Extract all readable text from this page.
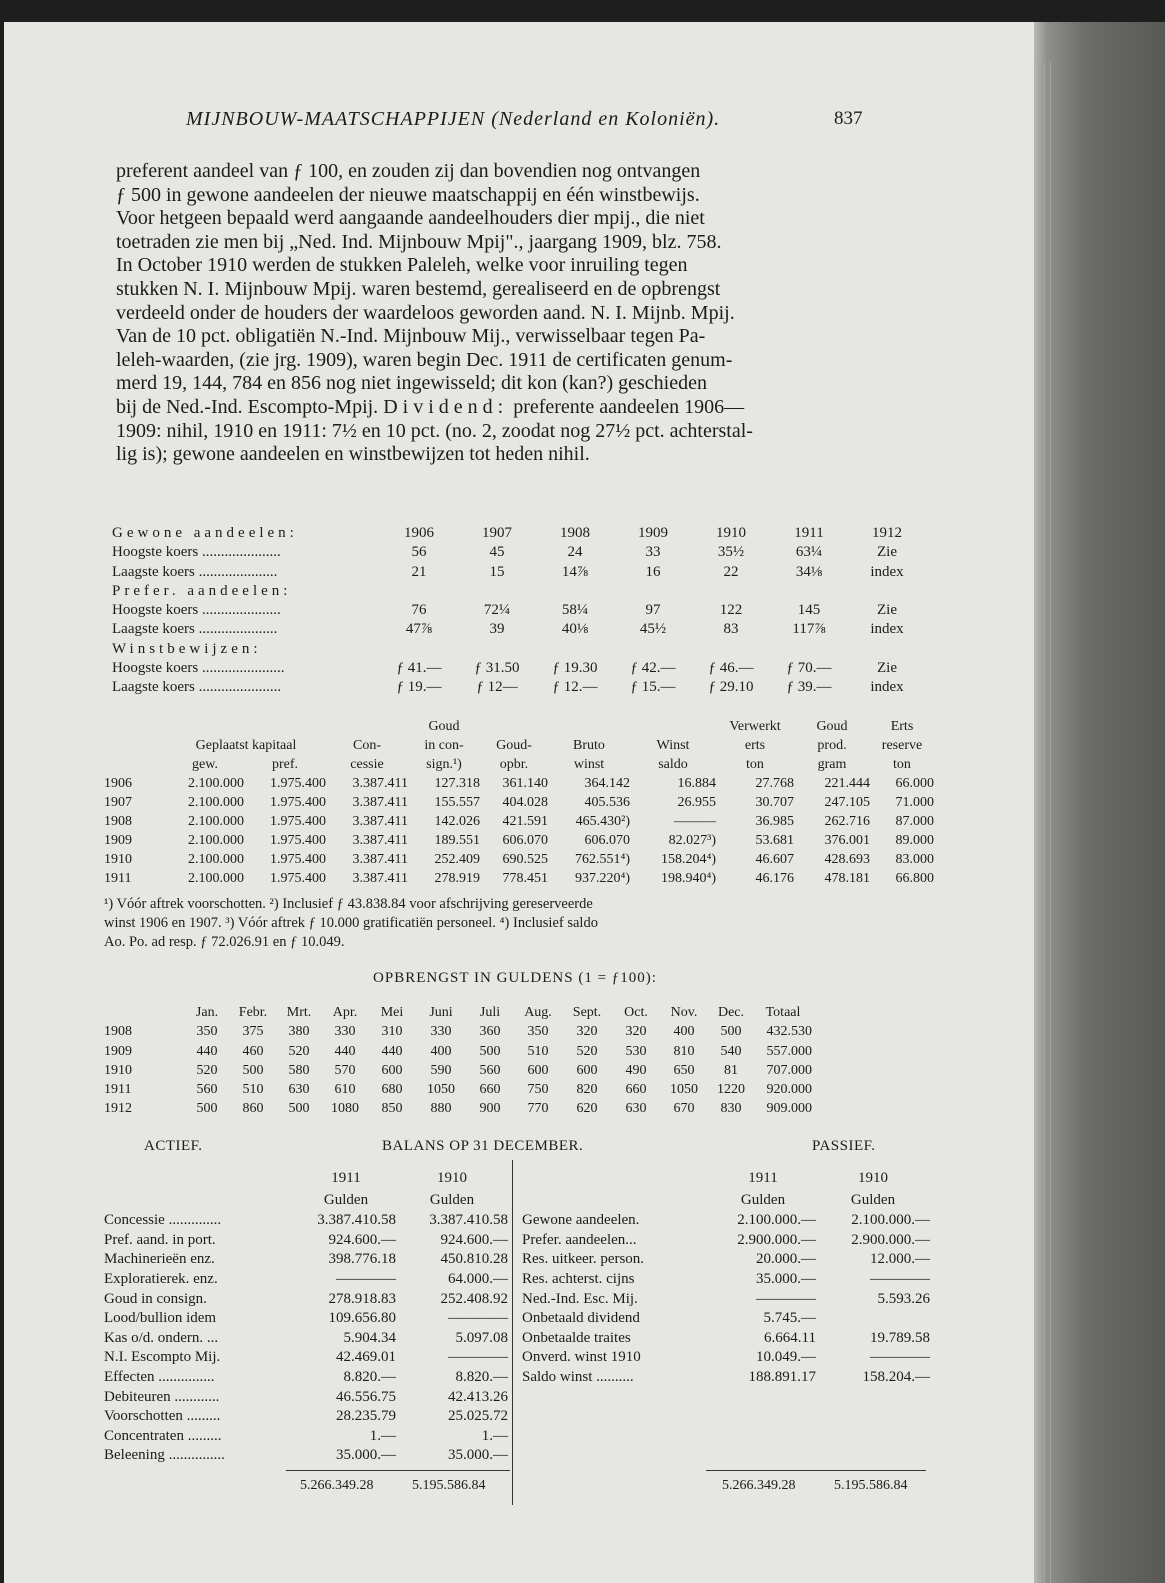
MIJNBOUW-MAATSCHAPPIJEN (Nederland en Koloniën).	837
preferent aandeel van ƒ 100, en zouden zij dan bovendien nog ontvangen
ƒ 500 in gewone aandeelen der nieuwe maatschappij en één winstbewijs.
Voor hetgeen bepaald werd aangaande aandeelhouders dier mpij., die niet
toetraden zie men bij „Ned. Ind. Mijnbouw Mpij"., jaargang 1909, blz. 758.
In October 1910 werden de stukken Paleleh, welke voor inruiling tegen
stukken N. I. Mijnbouw Mpij. waren bestemd, gerealiseerd en de opbrengst
verdeeld onder de houders der waardeloos geworden aand. N. I. Mijnb. Mpij.
Van de 10 pct. obligatiën N.-Ind. Mijnbouw Mij., verwisselbaar tegen Pa-
leleh-waarden, (zie jrg. 1909), waren begin Dec. 1911 de certificaten genum-
merd 19, 144, 784 en 856 nog niet ingewisseld; dit kon (kan?) geschieden
bij de Ned.-Ind. Escompto-Mpij. Dividend: preferente aandeelen 1906—
1909: nihil, 1910 en 1911: 7½ en 10 pct. (no. 2, zoodat nog 27½ pct. achterstal-
lig is); gewone aandeelen en winstbewijzen tot heden nihil.
Gewone aandeelen:	1906	1907	1908	1909	1910	1911	1912
Hoogste koers .....................	56	45	24	33	35½	63¼	Zie
Laagste koers .....................	21	15	14⅞	16	22	34⅛	index
Prefer. aandeelen:							
Hoogste koers .....................	76	72¼	58¼	97	122	145	Zie
Laagste koers .....................	47⅞	39	40⅛	45½	83	117⅞	index
Winstbewijzen:							
Hoogste koers ......................	ƒ 41.—	ƒ 31.50	ƒ 19.30	ƒ 42.—	ƒ 46.—	ƒ 70.—	Zie
Laagste koers ......................	ƒ 19.—	ƒ 12—	ƒ 12.—	ƒ 15.—	ƒ 29.10	ƒ 39.—	index
				Goud				Verwerkt	Goud	Erts
	Geplaatst kapitaal		Con-	in con-	Goud-	Bruto	Winst	erts	prod.	reserve
	gew.	pref.	cessie	sign.¹)	opbr.	winst	saldo	ton	gram	ton
1906	2.100.000	1.975.400	3.387.411	127.318	361.140	364.142	16.884	27.768	221.444	66.000
1907	2.100.000	1.975.400	3.387.411	155.557	404.028	405.536	26.955	30.707	247.105	71.000
1908	2.100.000	1.975.400	3.387.411	142.026	421.591	465.430²)	———	36.985	262.716	87.000
1909	2.100.000	1.975.400	3.387.411	189.551	606.070	606.070	82.027³)	53.681	376.001	89.000
1910	2.100.000	1.975.400	3.387.411	252.409	690.525	762.551⁴)	158.204⁴)	46.607	428.693	83.000
1911	2.100.000	1.975.400	3.387.411	278.919	778.451	937.220⁴)	198.940⁴)	46.176	478.181	66.800
¹) Vóór aftrek voorschotten. ²) Inclusief ƒ 43.838.84 voor afschrijving gereserveerde
winst 1906 en 1907. ³) Vóór aftrek ƒ 10.000 gratificatiën personeel. ⁴) Inclusief saldo
Ao. Po. ad resp. ƒ 72.026.91 en ƒ 10.049.
OPBRENGST IN GULDENS (1 = ƒ100):
	Jan.	Febr.	Mrt.	Apr.	Mei	Juni	Juli	Aug.	Sept.	Oct.	Nov.	Dec.	Totaal
1908	350	375	380	330	310	330	360	350	320	320	400	500	432.530
1909	440	460	520	440	440	400	500	510	520	530	810	540	557.000
1910	520	500	580	570	600	590	560	600	600	490	650	81	707.000
1911	560	510	630	610	680	1050	660	750	820	660	1050	1220	920.000
1912	500	860	500	1080	850	880	900	770	620	630	670	830	909.000
ACTIEF.	BALANS OP 31 DECEMBER.	PASSIEF.
	1911	1910
	Gulden	Gulden
Concessie ..............	3.387.410.58	3.387.410.58
Pref. aand. in port.	924.600.—	924.600.—
Machinerieën enz.	398.776.18	450.810.28
Exploratierek. enz.	————	64.000.—
Goud in consign.	278.918.83	252.408.92
Lood/bullion idem	109.656.80	————
Kas o/d. ondern. ...	5.904.34	5.097.08
N.I. Escompto Mij.	42.469.01	————
Effecten ...............	8.820.—	8.820.—
Debiteuren ............	46.556.75	42.413.26
Voorschotten .........	28.235.79	25.025.72
Concentraten .........	1.—	1.—
Beleening ...............	35.000.—	35.000.—
	1911	1910
	Gulden	Gulden
Gewone aandeelen.	2.100.000.—	2.100.000.—
Prefer. aandeelen...	2.900.000.—	2.900.000.—
Res. uitkeer. person.	20.000.—	12.000.—
Res. achterst. cijns	35.000.—	————
Ned.-Ind. Esc. Mij.	————	5.593.26
Onbetaald dividend	5.745.—	
Onbetaalde traites	6.664.11	19.789.58
Onverd. winst 1910	10.049.—	————
Saldo winst ..........	188.891.17	158.204.—
5.266.349.28	5.195.586.84	5.266.349.28	5.195.586.84
